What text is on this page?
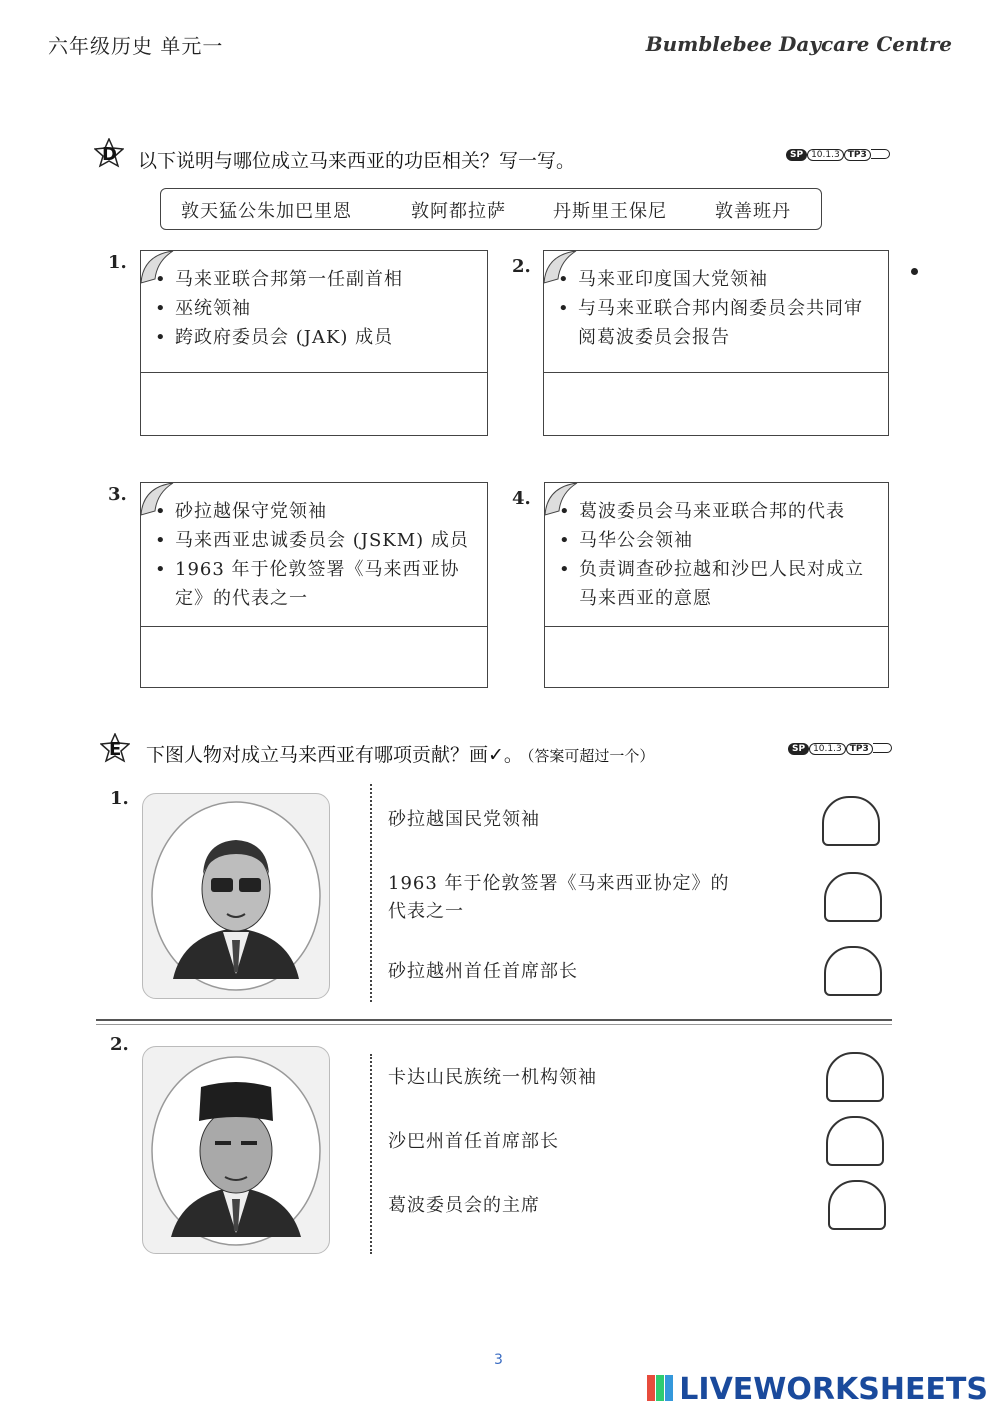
六年级历史 单元一	Bumblebee Daycare Centre
D 以下说明与哪位成立马来西亚的功臣相关？写一写。	SP 10.1.3 TP3
敦天猛公朱加巴里恩	敦阿都拉萨	丹斯里王保尼	敦善班丹
1.
• 马来亚联合邦第一任副首相
• 巫统领袖
• 跨政府委员会 (JAK) 成员
2.
• 马来亚印度国大党领袖
• 与马来亚联合邦内阁委员会共同审阅葛波委员会报告
3.
• 砂拉越保守党领袖
• 马来西亚忠诚委员会 (JSKM) 成员
• 1963 年于伦敦签署《马来西亚协定》的代表之一
4.
• 葛波委员会马来亚联合邦的代表
• 马华公会领袖
• 负责调查砂拉越和沙巴人民对成立马来西亚的意愿
E 下图人物对成立马来西亚有哪项贡献？画✓。 （答案可超过一个）	SP 10.1.3 TP3
1.
砂拉越国民党领袖
1963 年于伦敦签署《马来西亚协定》的代表之一
砂拉越州首任首席部长
2.
卡达山民族统一机构领袖
沙巴州首任首席部长
葛波委员会的主席
3
LIVEWORKSHEETS
